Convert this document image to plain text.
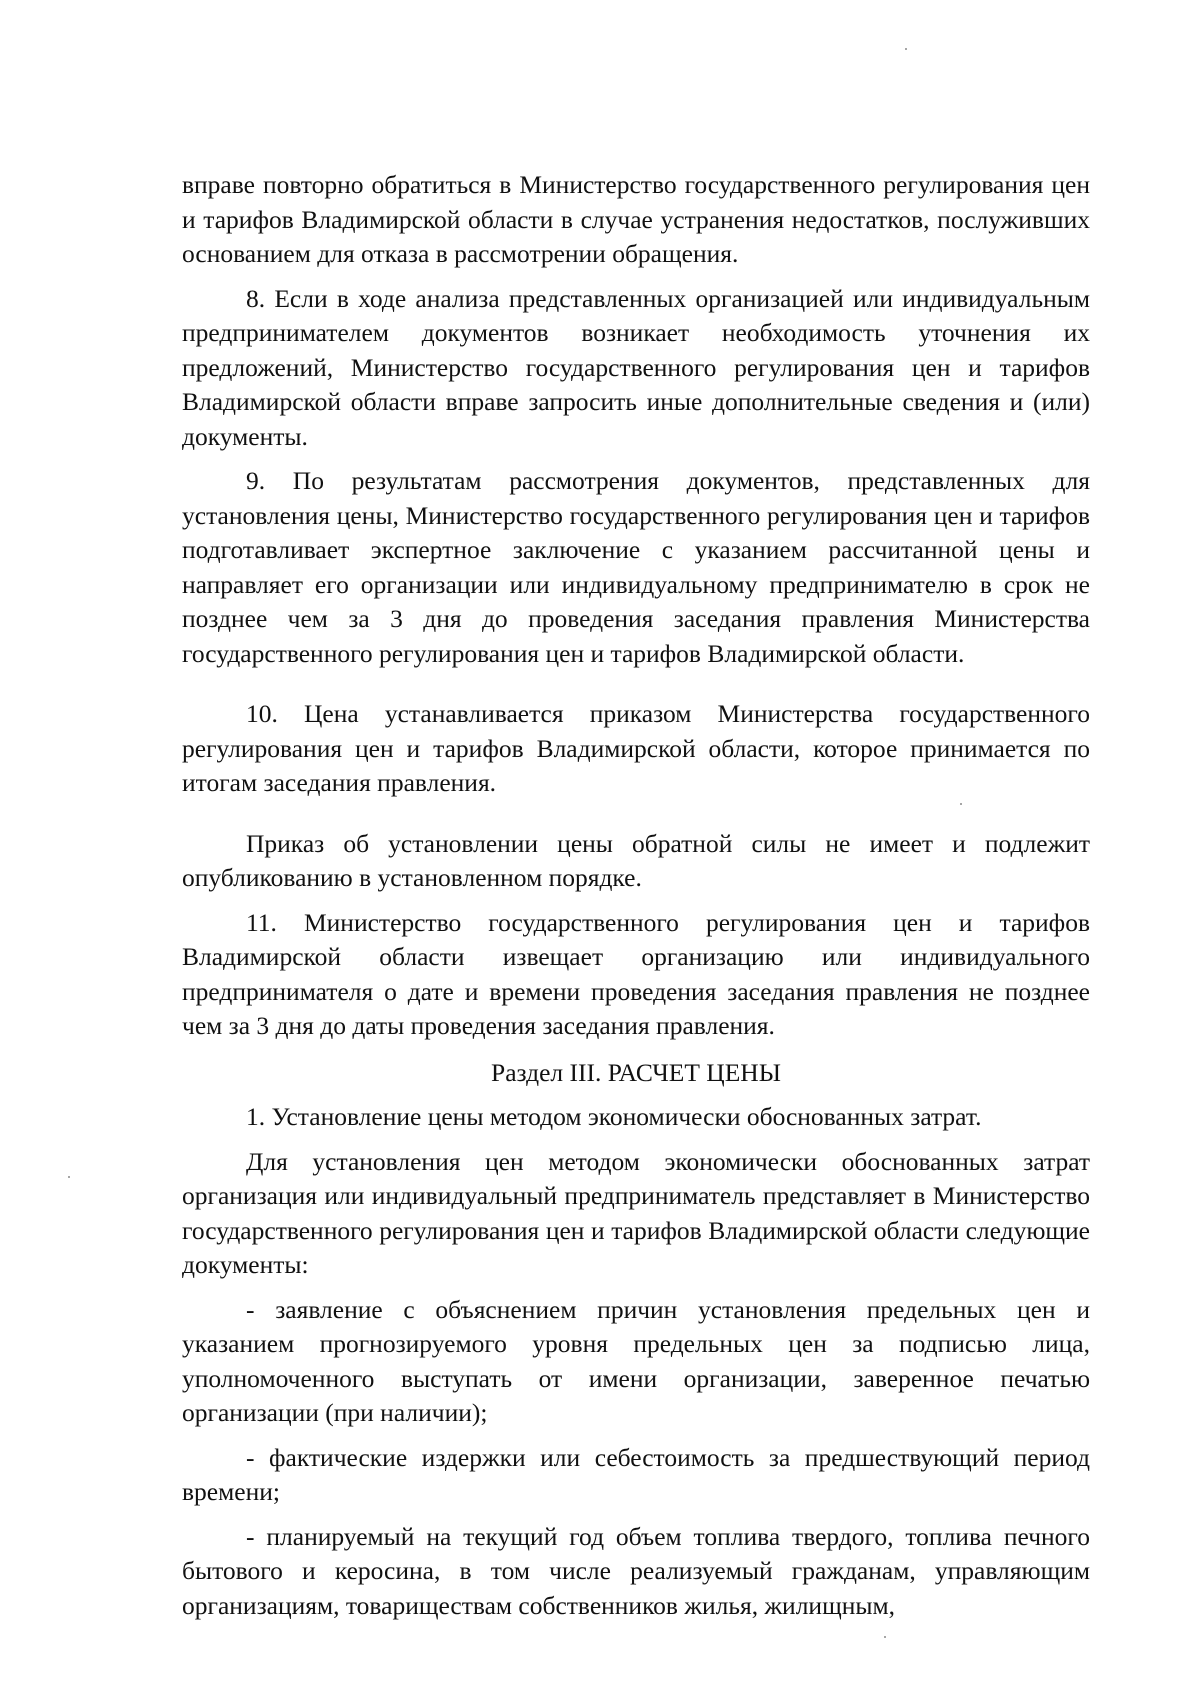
вправе повторно обратиться в Министерство государственного регулирования цен и тарифов Владимирской области в случае устранения недостатков, послуживших основанием для отказа в рассмотрении обращения.

8. Если в ходе анализа представленных организацией или индивидуальным предпринимателем документов возникает необходимость уточнения их предложений, Министерство государственного регулирования цен и тарифов Владимирской области вправе запросить иные дополнительные сведения и (или) документы.

9. По результатам рассмотрения документов, представленных для установления цены, Министерство государственного регулирования цен и тарифов подготавливает экспертное заключение с указанием рассчитанной цены и направляет его организации или индивидуальному предпринимателю в срок не позднее чем за 3 дня до проведения заседания правления Министерства государственного регулирования цен и тарифов Владимирской области.

10. Цена устанавливается приказом Министерства государственного регулирования цен и тарифов Владимирской области, которое принимается по итогам заседания правления.

Приказ об установлении цены обратной силы не имеет и подлежит опубликованию в установленном порядке.

11. Министерство государственного регулирования цен и тарифов Владимирской области извещает организацию или индивидуального предпринимателя о дате и времени проведения заседания правления не позднее чем за 3 дня до даты проведения заседания правления.

Раздел III. РАСЧЕТ ЦЕНЫ

1. Установление цены методом экономически обоснованных затрат.

Для установления цен методом экономически обоснованных затрат организация или индивидуальный предприниматель представляет в Министерство государственного регулирования цен и тарифов Владимирской области следующие документы:

- заявление с объяснением причин установления предельных цен и указанием прогнозируемого уровня предельных цен за подписью лица, уполномоченного выступать от имени организации, заверенное печатью организации (при наличии);

- фактические издержки или себестоимость за предшествующий период времени;

- планируемый на текущий год объем топлива твердого, топлива печного бытового и керосина, в том числе реализуемый гражданам, управляющим организациям, товариществам собственников жилья, жилищным,
